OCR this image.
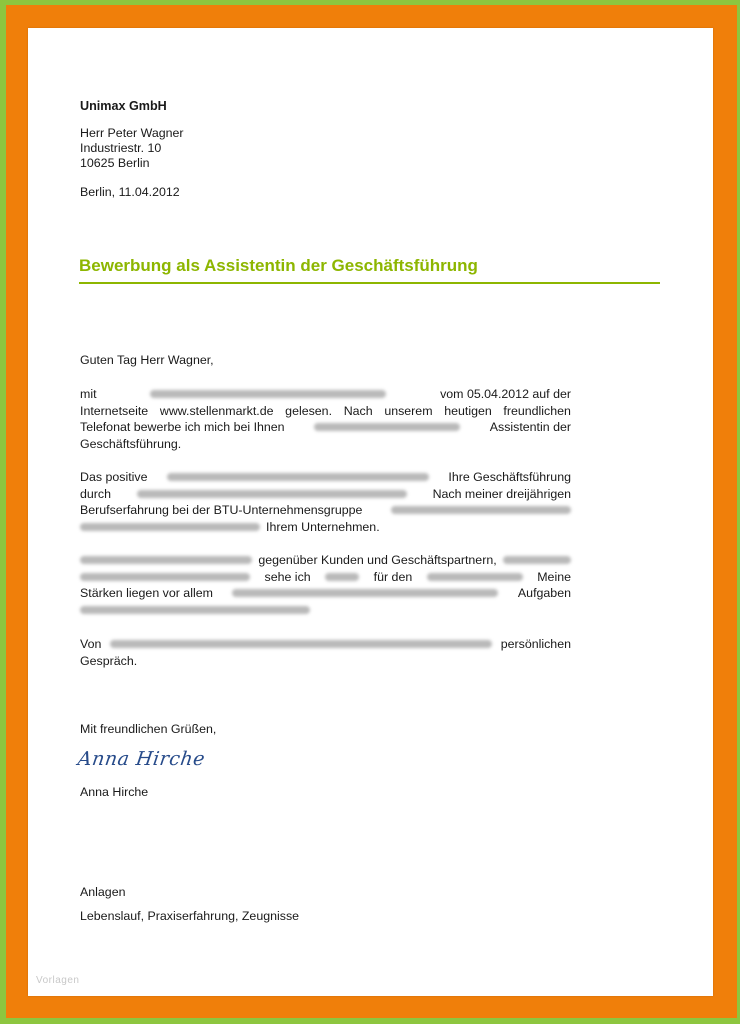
Unimax GmbH
Herr Peter Wagner
Industriestr. 10
10625 Berlin
Berlin, 11.04.2012
Bewerbung als Assistentin der Geschäftsführung
Guten Tag Herr Wagner,
mit	vom 05.04.2012 auf der
Internetseite www.stellenmarkt.de gelesen. Nach unserem heutigen freundlichen
Telefonat bewerbe ich mich bei Ihnen	Assistentin der
Geschäftsführung.
Das positive	Ihre Geschäftsführung
durch	Nach meiner dreijährigen
Berufserfahrung bei der BTU-Unternehmensgruppe
Ihrem Unternehmen.
gegenüber Kunden und Geschäftspartnern,
sehe ich	für den	Meine
Stärken liegen vor allem	Aufgaben
Von	persönlichen
Gespräch.
Mit freundlichen Grüßen,
Anna Hirche
Anna Hirche
Anlagen
Lebenslauf, Praxiserfahrung, Zeugnisse
Vorlagen
